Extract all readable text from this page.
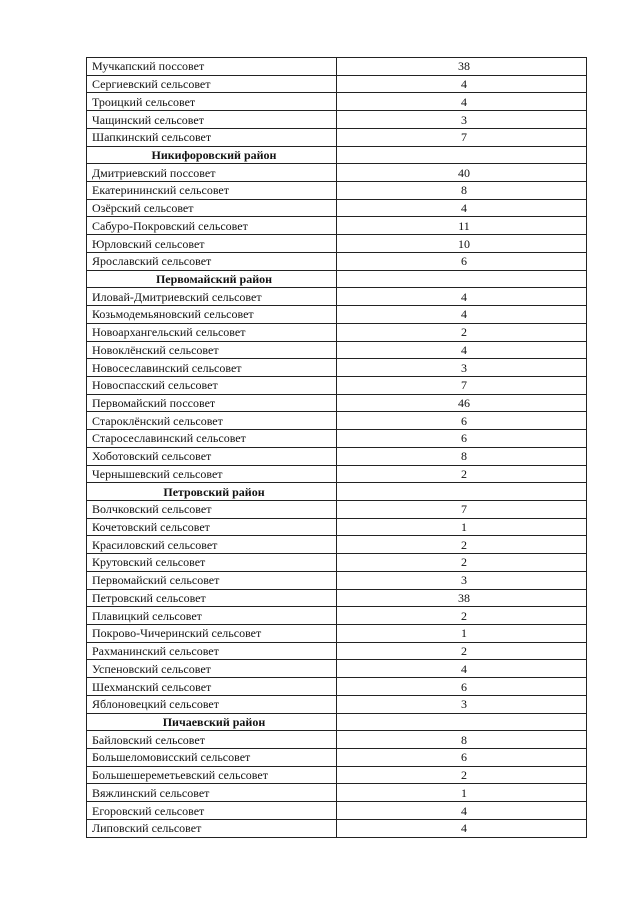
Мучкапский поссовет	38
Сергиевский сельсовет	4
Троицкий сельсовет	4
Чащинский сельсовет	3
Шапкинский сельсовет	7
Никифоровский район	
Дмитриевский поссовет	40
Екатерининский сельсовет	8
Озёрский сельсовет	4
Сабуро-Покровский сельсовет	11
Юрловский сельсовет	10
Ярославский сельсовет	6
Первомайский район	
Иловай-Дмитриевский сельсовет	4
Козьмодемьяновский сельсовет	4
Новоархангельский сельсовет	2
Новоклёнский сельсовет	4
Новосеславинский сельсовет	3
Новоспасский сельсовет	7
Первомайский поссовет	46
Староклёнский сельсовет	6
Старосеславинский сельсовет	6
Хоботовский сельсовет	8
Чернышевский сельсовет	2
Петровский район	
Волчковский сельсовет	7
Кочетовский сельсовет	1
Красиловский сельсовет	2
Крутовский сельсовет	2
Первомайский сельсовет	3
Петровский сельсовет	38
Плавицкий сельсовет	2
Покрово-Чичеринский сельсовет	1
Рахманинский сельсовет	2
Успеновский сельсовет	4
Шехманский сельсовет	6
Яблоновецкий сельсовет	3
Пичаевский район	
Байловский сельсовет	8
Большеломовисский сельсовет	6
Большешереметьевский сельсовет	2
Вяжлинский сельсовет	1
Егоровский сельсовет	4
Липовский сельсовет	4
